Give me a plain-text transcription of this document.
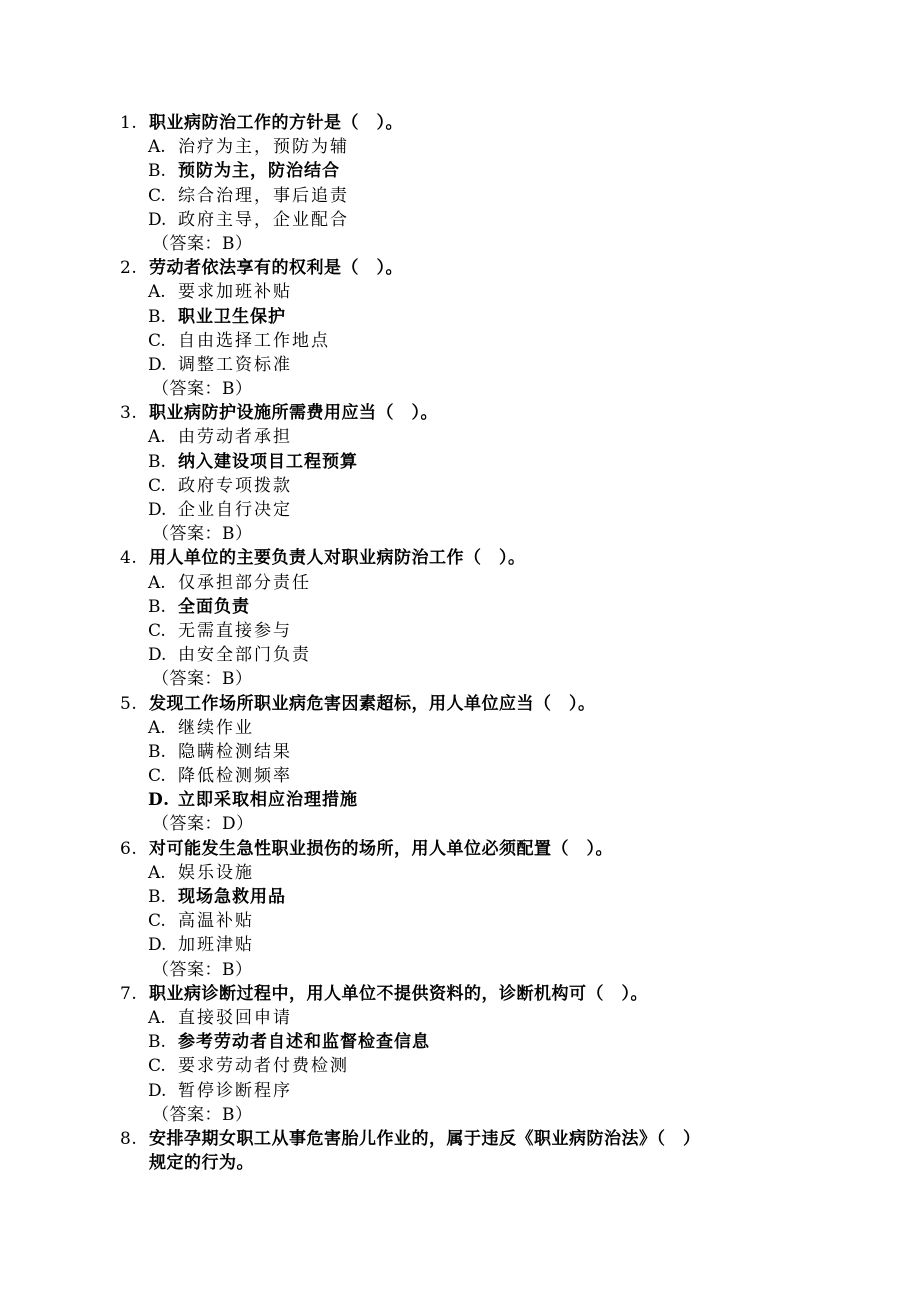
1. 职业病防治工作的方针是（　）。
A. 治疗为主，预防为辅
B. 预防为主，防治结合
C. 综合治理，事后追责
D. 政府主导，企业配合
（答案：B）
2. 劳动者依法享有的权利是（　）。
A. 要求加班补贴
B. 职业卫生保护
C. 自由选择工作地点
D. 调整工资标准
（答案：B）
3. 职业病防护设施所需费用应当（　）。
A. 由劳动者承担
B. 纳入建设项目工程预算
C. 政府专项拨款
D. 企业自行决定
（答案：B）
4. 用人单位的主要负责人对职业病防治工作（　）。
A. 仅承担部分责任
B. 全面负责
C. 无需直接参与
D. 由安全部门负责
（答案：B）
5. 发现工作场所职业病危害因素超标，用人单位应当（　）。
A. 继续作业
B. 隐瞒检测结果
C. 降低检测频率
D. 立即采取相应治理措施
（答案：D）
6. 对可能发生急性职业损伤的场所，用人单位必须配置（　）。
A. 娱乐设施
B. 现场急救用品
C. 高温补贴
D. 加班津贴
（答案：B）
7. 职业病诊断过程中，用人单位不提供资料的，诊断机构可（　）。
A. 直接驳回申请
B. 参考劳动者自述和监督检查信息
C. 要求劳动者付费检测
D. 暂停诊断程序
（答案：B）
8. 安排孕期女职工从事危害胎儿作业的，属于违反《职业病防治法》（　）
规定的行为。
